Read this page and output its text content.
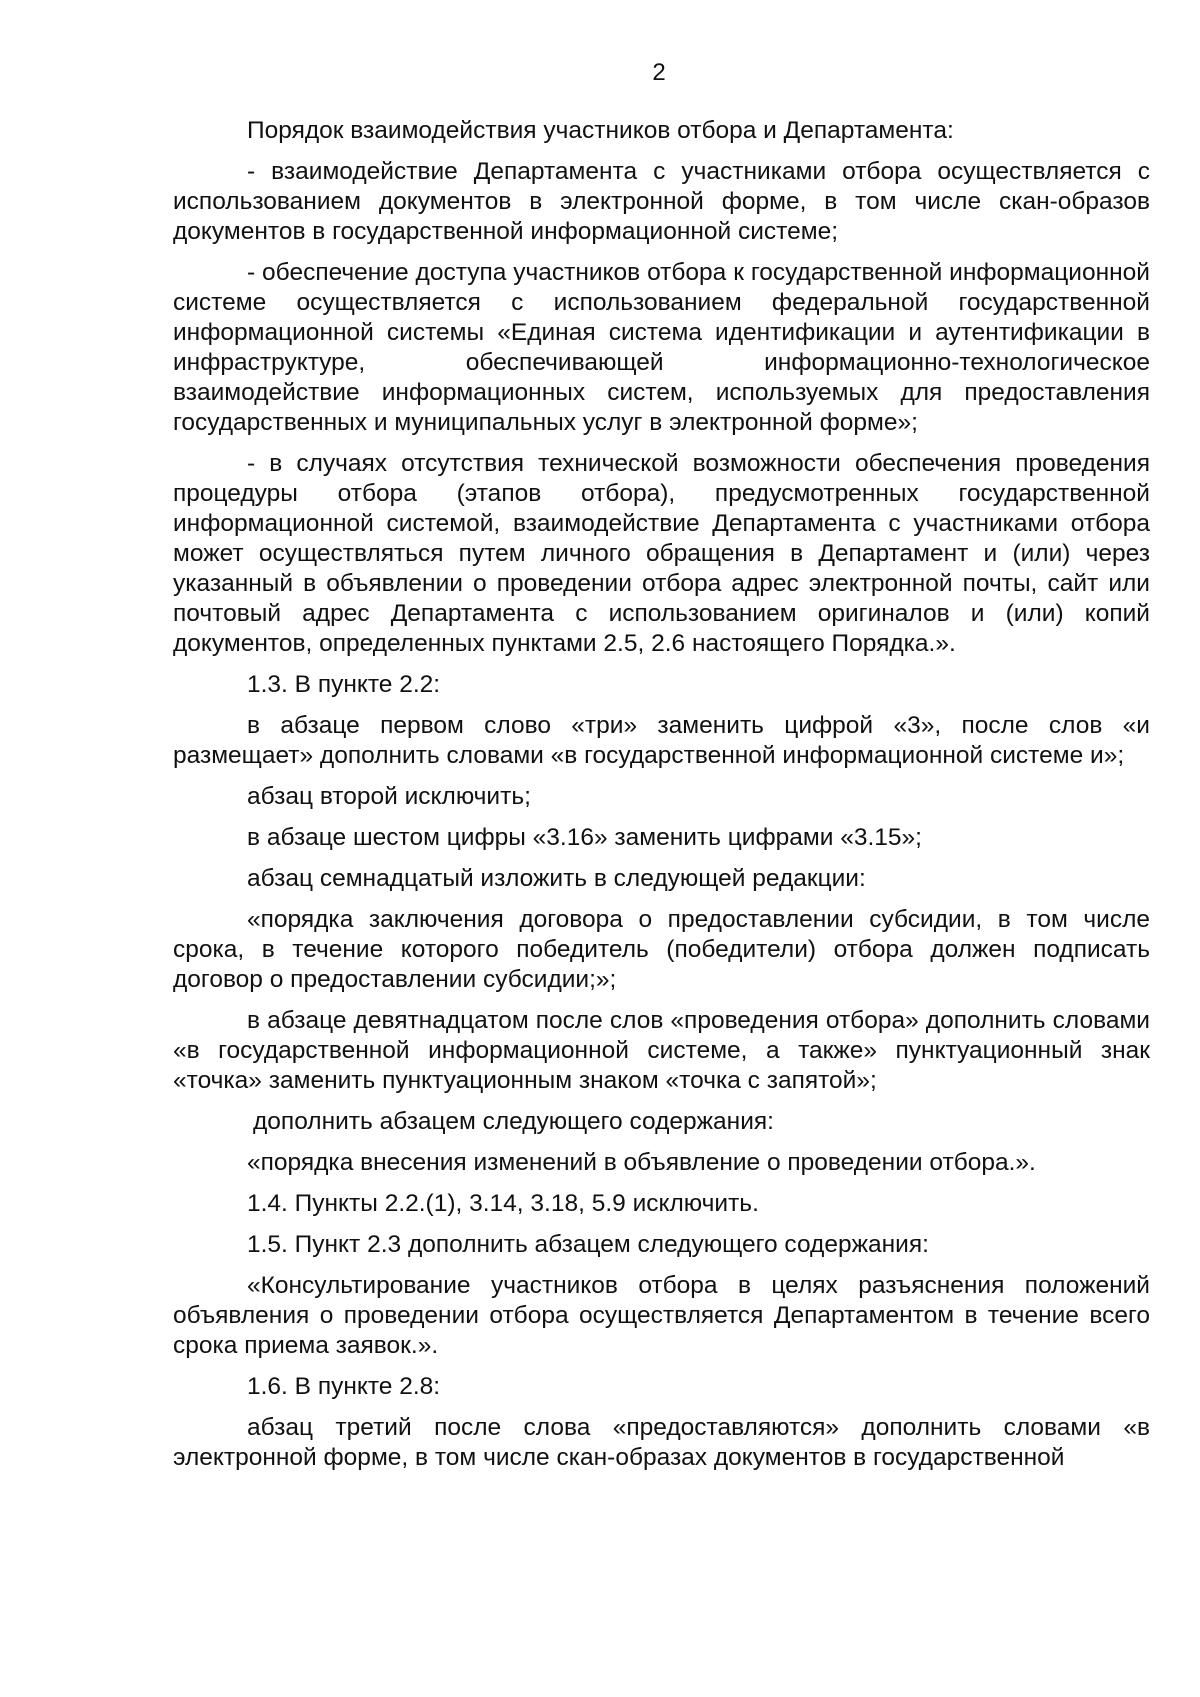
2

Порядок взаимодействия участников отбора и Департамента:

- взаимодействие Департамента с участниками отбора осуществляется с использованием документов в электронной форме, в том числе скан-образов документов в государственной информационной системе;

- обеспечение доступа участников отбора к государственной информационной системе осуществляется с использованием федеральной государственной информационной системы «Единая система идентификации и аутентификации в инфраструктуре, обеспечивающей информационно-технологическое взаимодействие информационных систем, используемых для предоставления государственных и муниципальных услуг в электронной форме»;

- в случаях отсутствия технической возможности обеспечения проведения процедуры отбора (этапов отбора), предусмотренных государственной информационной системой, взаимодействие Департамента с участниками отбора может осуществляться путем личного обращения в Департамент и (или) через указанный в объявлении о проведении отбора адрес электронной почты, сайт или почтовый адрес Департамента с использованием оригиналов и (или) копий документов, определенных пунктами 2.5, 2.6 настоящего Порядка.».

1.3. В пункте 2.2:

в абзаце первом слово «три» заменить цифрой «3», после слов «и размещает» дополнить словами «в государственной информационной системе и»;

абзац второй исключить;

в абзаце шестом цифры «3.16» заменить цифрами «3.15»;

абзац семнадцатый изложить в следующей редакции:

«порядка заключения договора о предоставлении субсидии, в том числе срока, в течение которого победитель (победители) отбора должен подписать договор о предоставлении субсидии;»;

в абзаце девятнадцатом после слов «проведения отбора» дополнить словами «в государственной информационной системе, а также» пунктуационный знак «точка» заменить пунктуационным знаком «точка с запятой»;

дополнить абзацем следующего содержания:

«порядка внесения изменений в объявление о проведении отбора.».

1.4. Пункты 2.2.(1), 3.14, 3.18, 5.9 исключить.

1.5. Пункт 2.3 дополнить абзацем следующего содержания:

«Консультирование участников отбора в целях разъяснения положений объявления о проведении отбора осуществляется Департаментом в течение всего срока приема заявок.».

1.6. В пункте 2.8:

абзац третий после слова «предоставляются» дополнить словами «в электронной форме, в том числе скан-образах документов в государственной
